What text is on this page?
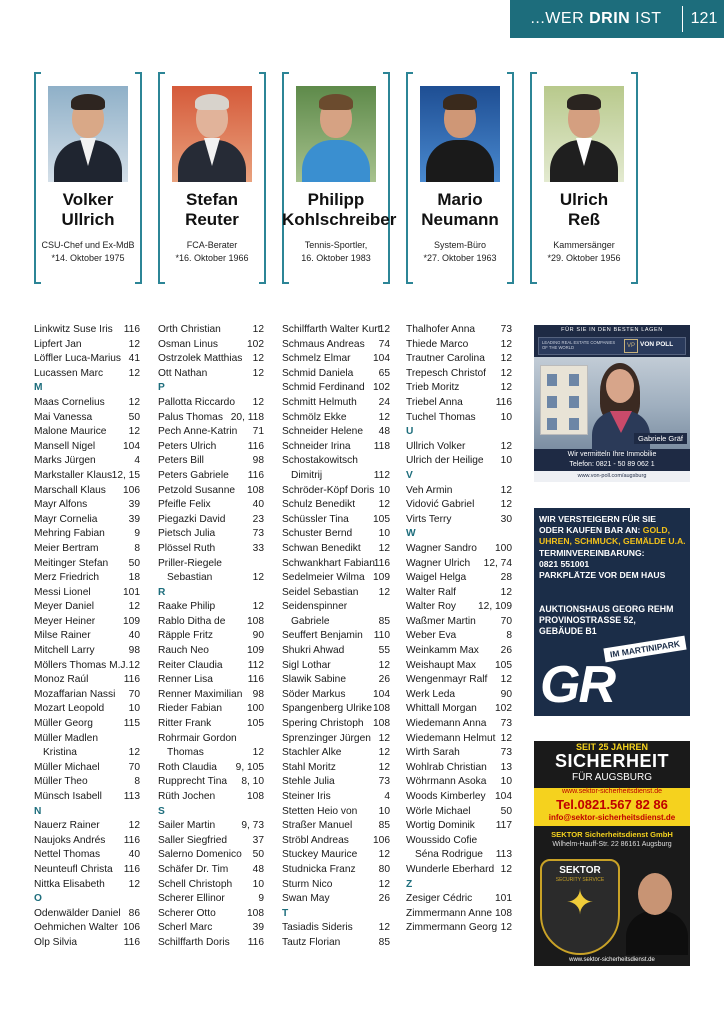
...WER DRIN IST	121
Volker
Ullrich
CSU-Chef und Ex-MdB
*14. Oktober 1975
Stefan
Reuter
FCA-Berater
*16. Oktober 1966
Philipp
Kohlschreiber
Tennis-Sportler,
16. Oktober 1983
Mario
Neumann
System-Büro
*27. Oktober 1963
Ulrich
Reß
Kammersänger
*29. Oktober 1956
Linkwitz Suse Iris 116
Lipfert Jan	12
Löffler Luca-Marius 41
Lucassen Marc	12
M
Maas Cornelius 12
Mai Vanessa	50
Malone Maurice 12
Mansell Nigel	104
Marks Jürgen	4
Markstaller Klaus 12, 15
Marschall Klaus 106
Mayr Alfons	39
Mayr Cornelia	39
Mehring Fabian	9
Meier Bertram	8
Meitinger Stefan 50
Merz Friedrich	18
Messi Lionel	101
Meyer Daniel	12
Meyer Heiner	109
Milse Rainer	40
Mitchell Larry	98
Möllers Thomas M.J. 12
Monoz Raúl	116
Mozaffarian Nassi 70
Mozart Leopold 10
Müller Georg	115
Müller Madlen
Kristina	12
Müller Michael	70
Müller Theo	8
Münsch Isabell 113
N
Nauerz Rainer	12
Naujoks Andrés 116
Nettel Thomas	40
Neunteufl Christa 116
Nittka Elisabeth 12
O
Odenwälder Daniel 86
Oehmichen Walter 106
Olp Silvia	116
Orth Christian	12
Osman Linus	102
Ostrzolek Matthias 12
Ott Nathan	12
P
Pallotta Riccardo 12
Palus Thomas 20, 118
Pech Anne-Katrin 71
Peters Ulrich	116
Peters Bill	98
Peters Gabriele 116
Petzold Susanne 108
Pfeifle Felix	40
Piegazki David	23
Pietsch Julia	73
Plössel Ruth	33
Priller-Riegele
Sebastian	12
R
Raake Philip	12
Rablo Ditha de 108
Räpple Fritz	90
Rauch Neo	109
Reiter Claudia 112
Renner Lisa	116
Renner Maximilian 98
Rieder Fabian 100
Ritter Frank	105
Rohrmair Gordon
Thomas	12
Roth Claudia 9, 105
Rupprecht Tina 8, 10
Rüth Jochen	108
S
Sailer Martin	9, 73
Saller Siegfried	37
Salerno Domenico 50
Schäfer Dr. Tim 48
Schell Christoph 10
Scherer Ellinor	9
Scherer Otto	108
Scherl Marc	39
Schilffarth Doris 116
Schilffarth Walter Kurt
12
Schmaus Andreas 74
Schmelz Elmar 104
Schmid Daniela 65
Schmid Ferdinand 102
Schmitt Helmuth 24
Schmölz Ekke	12
Schneider Helene 48
Schneider Irina 118
Schostakowitsch
Dimitrij	112
Schröder-Köpf Doris 10
Schulz Benedikt 12
Schüssler Tina 105
Schuster Bernd	10
Schwan Benedikt 12
Schwankhart Fabian
116
Sedelmeier Wilma 109
Seidel Sebastian 12
Seidenspinner
Gabriele	85
Seuffert Benjamin 110
Shukri Ahwad	55
Sigl Lothar	12
Slawik Sabine	26
Söder Markus	104
Spangenberg Ulrike 108
Spering Christoph 108
Sprenzinger Jürgen 12
Stachler Alke	12
Stahl Moritz	12
Stehle Julia	73
Steiner Iris	4
Stetten Heio von 10
Straßer Manuel	85
Ströbl Andreas 106
Stuckey Maurice 12
Studnicka Franz 80
Sturm Nico	12
Swan May	26
T
Tasiadis Sideris	12
Tautz Florian	85
Thalhofer Anna	73
Thiede Marco	12
Trautner Carolina 12
Trepesch Christof 12
Trieb Moritz	12
Triebel Anna	116
Tuchel Thomas 10
U
Ullrich Volker	12
Ulrich der Heilige 10
V
Veh Armin	12
Vidović Gabriel	12
Virts Terry	30
W
Wagner Sandro 100
Wagner Ulrich 12, 74
Waigel Helga	28
Walter Ralf	12
Walter Roy 12, 109
Waßmer Martin 70
Weber Eva	8
Weinkamm Max 26
Weishaupt Max 105
Wengenmayr Ralf 12
Werk Leda	90
Whittall Morgan 102
Wiedemann Anna 73
Wiedemann Helmut 12
Wirth Sarah	73
Wohlrab Christian 13
Wöhrmann Asoka 10
Woods Kimberley 104
Wörle Michael	50
Wortig Dominik 117
Woussido Cofie
Séna Rodrigue 113
Wunderle Eberhard 12
Z
Zesiger Cédric 101
Zimmermann Anne 108
Zimmermann Georg 12
FÜR SIE IN DEN BESTEN LAGEN
LEADING REAL ESTATE COMPANIES OF THE WORLD	VP VON POLL
Gabriele Gräf
Wir vermitteln Ihre Immobilie
Telefon: 0821 - 50 89 062 1
www.von-poll.com/augsburg
WIR VERSTEIGERN FÜR SIE
ODER KAUFEN BAR AN: GOLD,
UHREN, SCHMUCK, GEMÄLDE U.A.
TERMINVEREINBARUNG:
0821 551001
PARKPLÄTZE VOR DEM HAUS
AUKTIONSHAUS GEORG REHM
PROVINOSTRASSE 52,
GEBÄUDE B1
IM MARTINIPARK
GR
SEIT 25 JAHREN
SICHERHEIT
FÜR AUGSBURG
www.sektor-sicherheitsdienst.de
Tel.0821.567 82 86
info@sektor-sicherheitsdienst.de
SEKTOR Sicherheitsdienst GmbH
Wilhelm-Hauff-Str. 22 86161 Augsburg
SEKTOR
SECURITY SERVICE
✦
www.sektor-sicherheitsdienst.de
